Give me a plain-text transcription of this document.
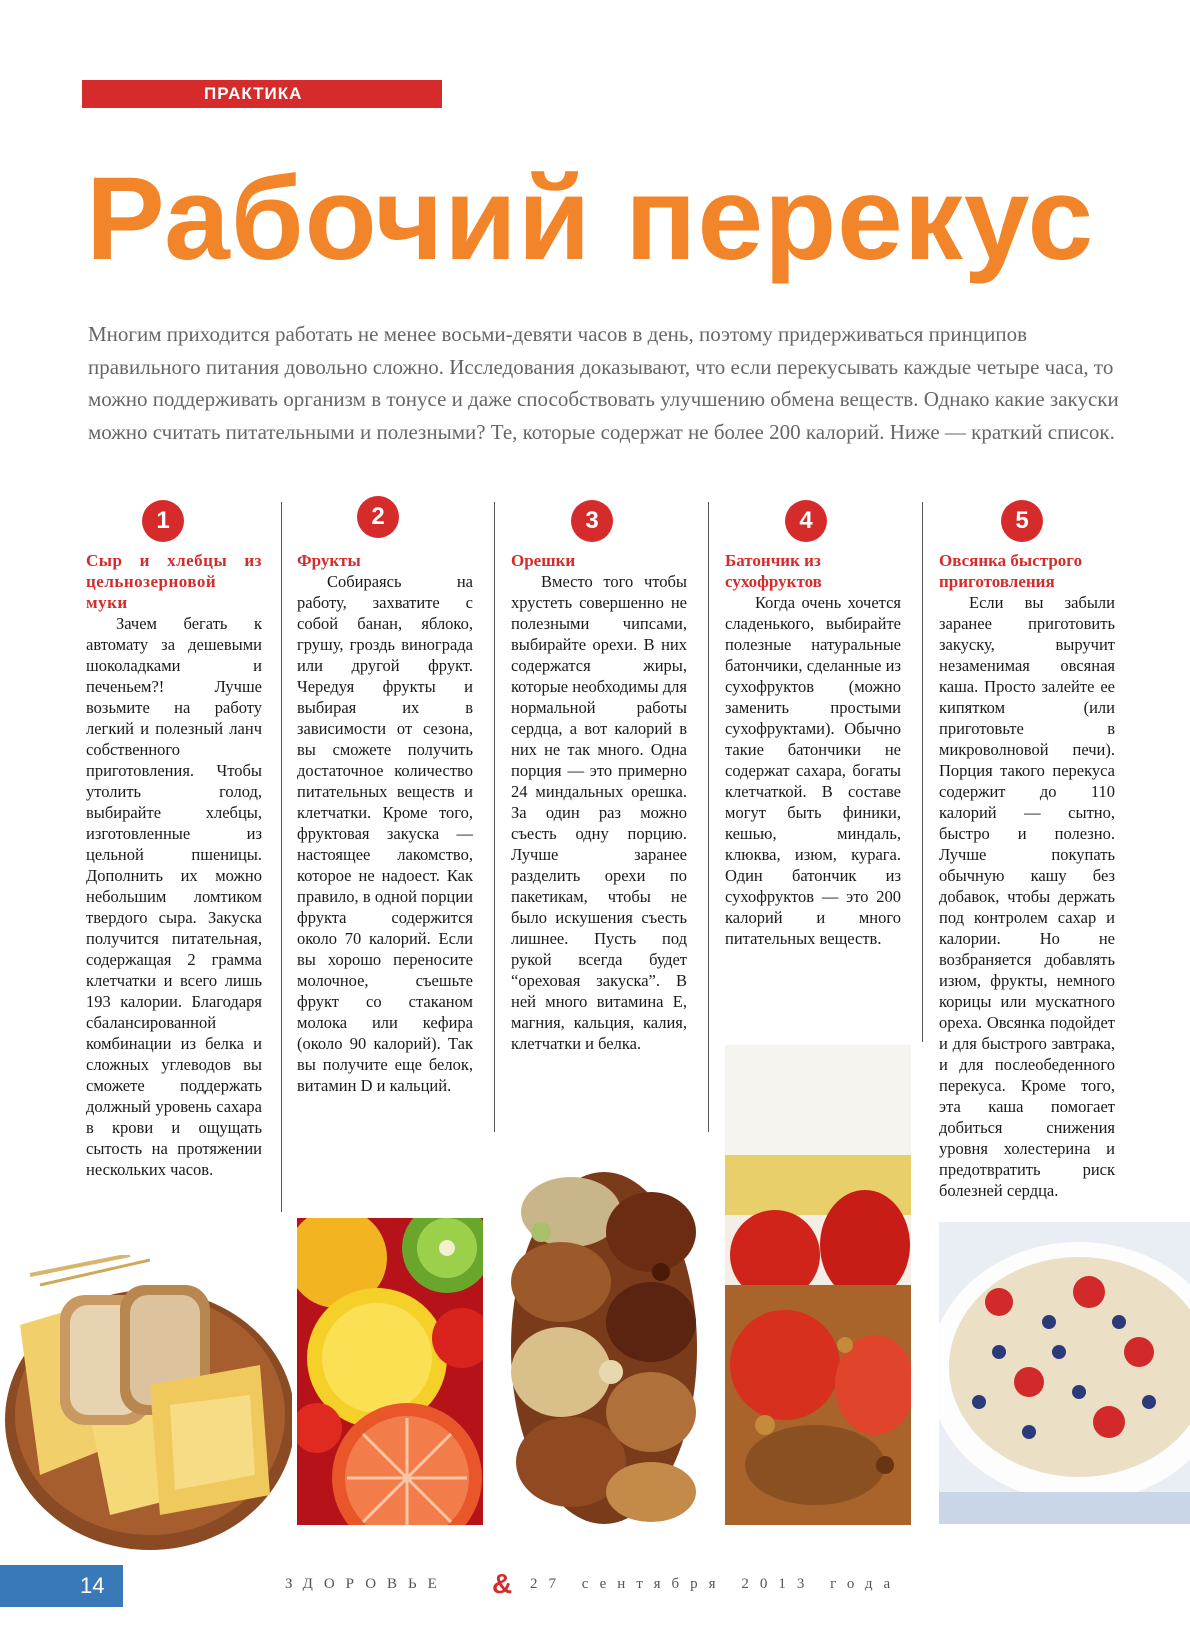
ПРАКТИКА
Рабочий перекус

Многим приходится работать не менее восьми-девяти часов в день, поэтому придерживаться принципов правильного питания довольно сложно. Исследования доказывают, что если перекусывать каждые четыре часа, то можно поддерживать организм в тонусе и даже способствовать улучшению обмена веществ. Однако какие закуски можно считать питательными и полезными? Те, которые содержат не более 200 калорий. Ниже — краткий список.

1

Сыр и хлебцы из цельнозерновой муки

Зачем бегать к автомату за дешевыми шоколадками и печеньем?! Лучше возьмите на работу легкий и полезный ланч собственного приготовления. Чтобы утолить голод, выбирайте хлебцы, изготовленные из цельной пшеницы. Дополнить их можно небольшим ломтиком твердого сыра. Закуска получится питательная, содержащая 2 грамма клетчатки и всего лишь 193 калории. Благодаря сбалансированной комбинации из белка и сложных углеводов вы сможете поддержать должный уровень сахара в крови и ощущать сытость на протяжении нескольких часов.

2

Фрукты

Собираясь на работу, захватите с собой банан, яблоко, грушу, гроздь винограда или другой фрукт. Чередуя фрукты и выбирая их в зависимости от сезона, вы сможете получить достаточное количество питательных веществ и клетчатки. Кроме того, фруктовая закуска — настоящее лакомство, которое не надоест. Как правило, в одной порции фрукта содержится около 70 калорий. Если вы хорошо переносите молочное, съешьте фрукт со стаканом молока или кефира (около 90 калорий). Так вы получите еще белок, витамин D и кальций.

3

Орешки

Вместо того чтобы хрустеть совершенно не полезными чипсами, выбирайте орехи. В них содержатся жиры, которые необходимы для нормальной работы сердца, а вот калорий в них не так много. Одна порция — это примерно 24 миндальных орешка. За один раз можно съесть одну порцию. Лучше заранее разделить орехи по пакетикам, чтобы не было искушения съесть лишнее. Пусть под рукой всегда будет “ореховая закуска”. В ней много витамина E, магния, кальция, калия, клетчатки и белка.

4

Батончик из сухофруктов

Когда очень хочется сладенького, выбирайте полезные натуральные батончики, сделанные из сухофруктов (можно заменить простыми сухофруктами). Обычно такие батончики не содержат сахара, богаты клетчаткой. В составе могут быть финики, кешью, миндаль, клюква, изюм, курага. Один батончик из сухофруктов — это 200 калорий и много питательных веществ.

5

Овсянка быстрого приготовления

Если вы забыли заранее приготовить закуску, выручит незаменимая овсяная каша. Просто залейте ее кипятком (или приготовьте в микроволновой печи). Порция такого перекуса содержит до 110 калорий — сытно, быстро и полезно. Лучше покупать обычную кашу без добавок, чтобы держать под контролем сахар и калории. Но не возбраняется добавлять изюм, фрукты, немного корицы или мускатного ореха. Овсянка подойдет и для быстрого завтрака, и для послеобеденного перекуса. Кроме того, эта каша помогает добиться снижения уровня холестерина и предотвратить риск болезней сердца.

14	ЗДОРОВЬЕ & 27 сентября 2013 года
